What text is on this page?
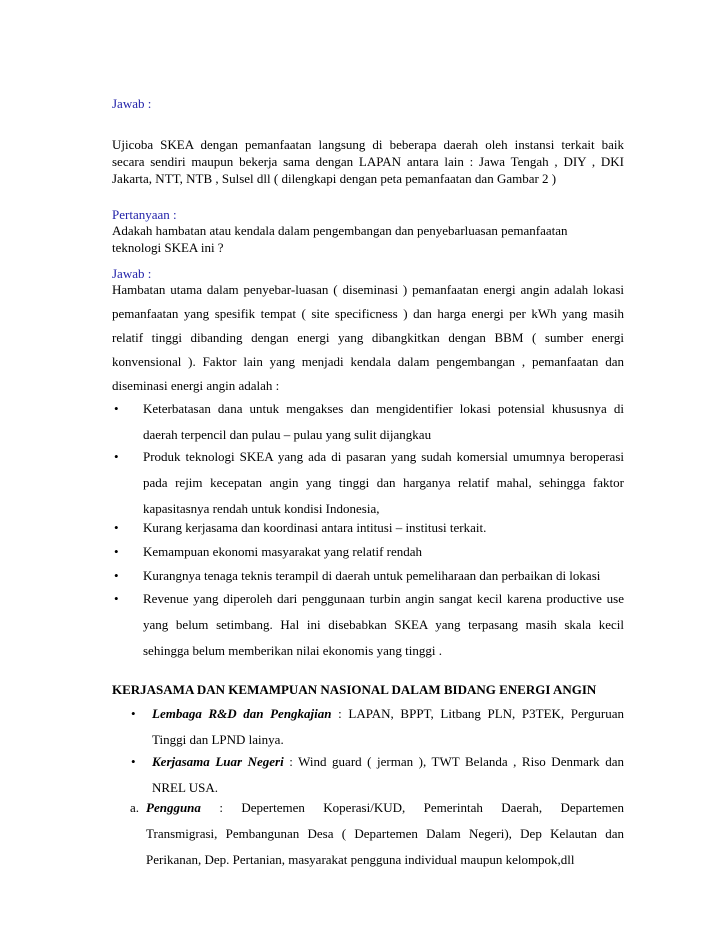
Jawab :
Ujicoba SKEA dengan pemanfaatan langsung di beberapa daerah oleh instansi terkait baik
secara sendiri maupun bekerja sama dengan LAPAN antara lain : Jawa Tengah , DIY , DKI
Jakarta, NTT, NTB , Sulsel dll ( dilengkapi dengan peta pemanfaatan dan Gambar 2 )
Pertanyaan :
Adakah hambatan atau kendala dalam pengembangan dan penyebarluasan pemanfaatan
teknologi SKEA ini ?
Jawab :
Hambatan utama dalam penyebar-luasan ( diseminasi ) pemanfaatan energi angin adalah lokasi
pemanfaatan yang spesifik tempat ( site specificness ) dan harga energi per kWh yang masih
relatif tinggi dibanding dengan energi yang dibangkitkan dengan BBM ( sumber energi
konvensional ). Faktor lain yang menjadi kendala dalam pengembangan , pemanfaatan dan
diseminasi energi angin adalah :
• Keterbatasan dana untuk mengakses dan mengidentifier lokasi potensial khususnya di
daerah terpencil dan pulau – pulau yang sulit dijangkau
• Produk teknologi SKEA yang ada di pasaran yang sudah komersial umumnya beroperasi
pada rejim kecepatan angin yang tinggi dan harganya relatif mahal, sehingga faktor
kapasitasnya rendah untuk kondisi Indonesia,
• Kurang kerjasama dan koordinasi antara intitusi – institusi terkait.
• Kemampuan ekonomi masyarakat yang relatif rendah
• Kurangnya tenaga teknis terampil di daerah untuk pemeliharaan dan perbaikan di lokasi
• Revenue yang diperoleh dari penggunaan turbin angin sangat kecil karena productive use
yang belum setimbang. Hal ini disebabkan SKEA yang terpasang masih skala kecil
sehingga belum memberikan nilai ekonomis yang tinggi .
KERJASAMA DAN KEMAMPUAN NASIONAL DALAM BIDANG ENERGI ANGIN
• Lembaga R&D dan Pengkajian : LAPAN, BPPT, Litbang PLN, P3TEK, Perguruan
Tinggi dan LPND lainya.
• Kerjasama Luar Negeri : Wind guard ( jerman ), TWT Belanda , Riso Denmark dan
NREL USA.
a. Pengguna : Depertemen Koperasi/KUD, Pemerintah Daerah, Departemen
Transmigrasi, Pembangunan Desa ( Departemen Dalam Negeri), Dep Kelautan dan
Perikanan, Dep. Pertanian, masyarakat pengguna individual maupun kelompok,dll
